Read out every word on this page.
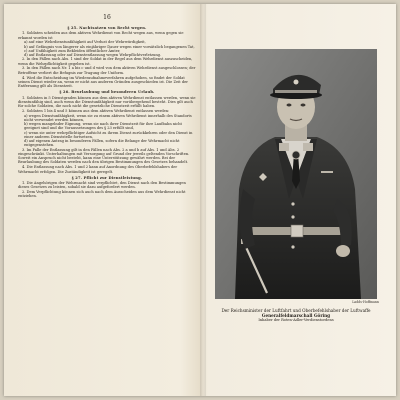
16
§ 25. Nachtsatzen von Recht wegen.
1. Soldaten scheiden aus dem aktiven Wehrdienst von Recht wegen aus, wenn gegen sie erkannt worden ist
a) auf eine Wehrdienstunfähigkeit auf Verlust der Wehrwürdigkeit,
b) auf Gefängnis von längerer als einjähriger Dauer wegen einer vorsätzlich begangenen Tat,
c) auf Unfähigkeit zum Bekleiden öffentlicher Ämter,
d) auf Entlassung oder auf Dienstentlassung wegen Wehrpflichtverletzung.
2. In den Fällen nach Abs. 1 sind der Soldat in der Regel aus dem Wehrdienst auszuscheiden, wenn die Wehrpflichtigkeit gegeben ist.
3. In den Fällen nach Nr. 1 a bis c und d wird von dem aktiven Wehrdienst ausgeschlossen; der Betroffene verliert die Befugnis zur Tragung der Uniform.
4. Wird die Entscheidung im Wiederaufnahmeverfahren aufgehoben, so findet der Soldat seinen Dienst wieder an, wenn er nicht aus anderen Gründen ausgeschieden ist. Die Zeit der Entfernung gilt als Dienstzeit.
§ 26. Beurlaubung und besonderen Urlaub.
1. Soldaten in 5 Dienstgraden können aus dem aktiven Wehrdienst entlassen werden, wenn sie dienstunfähig sind, auch wenn die Dienstunfähigkeit nur vorübergehend besteht. Dies gilt auch für solche Soldaten, die noch nicht die gesetzliche Dienstzeit erfüllt haben.
2. Soldaten 1 bis 4 und 5 können aus dem aktiven Wehrdienst entlassen werden:
a) wegen Dienstunfähigkeit, wenn sie zu einem aktiven Wehrdienst innerhalb des Standorts nicht verwendet werden können,
b) wegen mangelnder Eignung, wenn sie nach ihrer Dienstzeit für ihre Laufbahn nicht geeignet sind und die Voraussetzungen des § 23 erfüllt sind,
c) wenn sie unter wehrpflichtiger Aufsicht zu ihrem Dienst zurückkehren oder den Dienst in einer anderen Dienststelle fortsetzen,
d) auf eigenen Antrag in besonderen Fällen, sofern die Belange der Wehrmacht nicht entgegenstehen.
3. Im Falle der Entlassung gilt in den Fällen nach Abs. 2 a und b auf Abs. 1 und Abs. 2 eingeschränkt. Unterhaltungen mit Versorgung auf Grund der jeweils geltenden Vorschriften. Soweit ein Anspruch nicht besteht, kann eine Unterstützung gewährt werden. Bei der Beurlaubung des Soldaten werden nach den übrigen Bestimmungen des Gesetzes behandelt.
4. Die Entlassung nach Abs. 1 und 2 kann auf Anordnung des Oberbefehlshabers der Wehrmacht erfolgen. Die Zuständigkeit ist geregelt.
§ 27. Pflicht zur Dienstleistung.
1. Die Angehörigen der Wehrmacht sind verpflichtet, den Dienst nach den Bestimmungen dieses Gesetzes zu leisten, sobald sie dazu aufgefordert werden.
2. Dem Verpflichtung können sich auch nach dem Ausscheiden aus dem Wehrdienst nicht entziehen.
Ladds-Hoffmann
Der Reichsminister der Luftfahrt und Oberbefehlshaber der Luftwaffe
Generalfeldmarschall Göring
Inhaber der Roten-Adler-Verdienstordens
